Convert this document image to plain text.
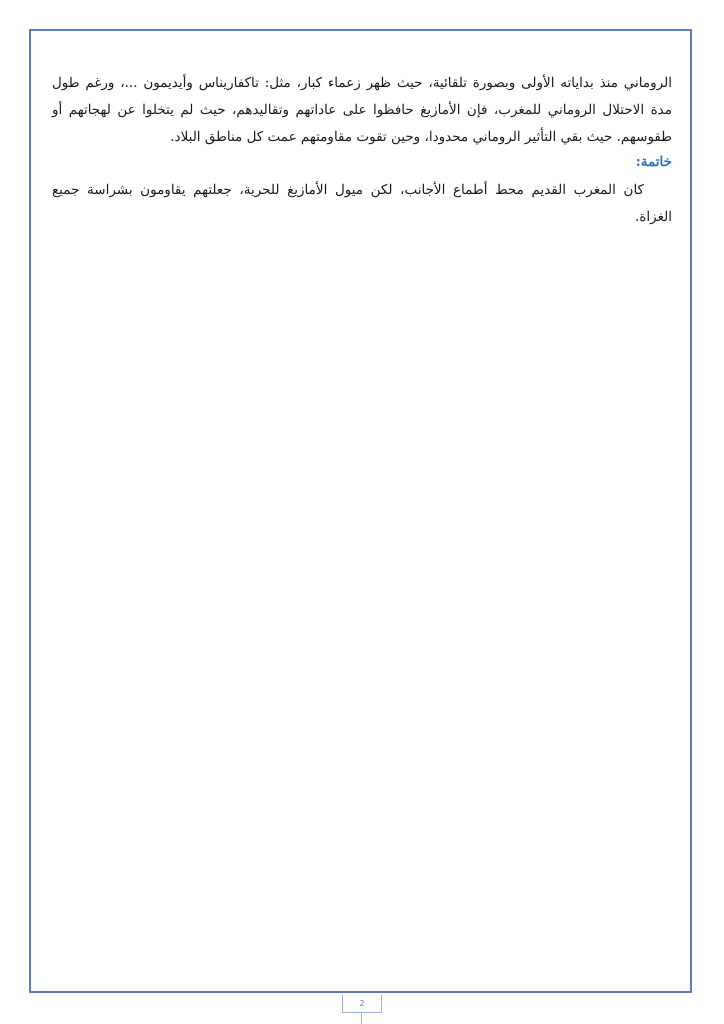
الروماني منذ بداياته الأولى وبصورة تلقائية، حيث ظهر زعماء كبار، مثل: تاكفاريناس وأيديمون ...، ورغم طول
مدة الاحتلال الروماني للمغرب، فإن الأمازيغ حافظوا على عاداتهم وتقاليدهم، حيث لم يتخلوا عن لهجاتهم أو
طقوسهم. حيث بقي التأثير الروماني محدودا، وحين تقوت مقاومتهم عمت كل مناطق البلاد.

خاتمة:

كان المغرب القديم محط أطماع الأجانب، لكن ميول الأمازيغ للحرية، جعلتهم يقاومون بشراسة جميع
الغزاة.

2
